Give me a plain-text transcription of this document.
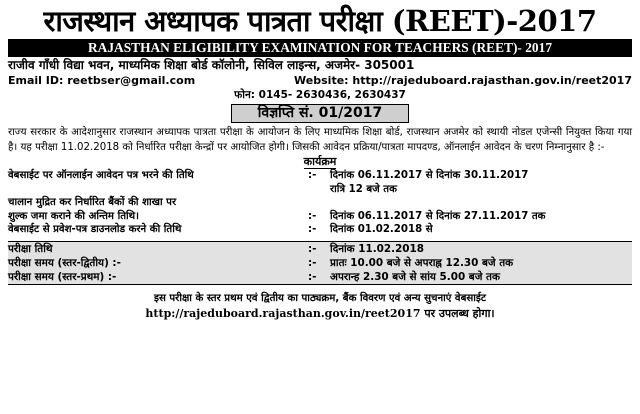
राजस्थान अध्यापक पात्रता परीक्षा (REET)-2017
RAJASTHAN ELIGIBILITY EXAMINATION FOR TEACHERS (REET)- 2017
राजीव गाँधी विद्या भवन, माध्यमिक शिक्षा बोर्ड कॉलोनी, सिविल लाइन्स, अजमेर- 305001
Email ID: reetbser@gmail.com	Website: http://rajeduboard.rajasthan.gov.in/reet2017
फोन: 0145- 2630436, 2630437
विज्ञप्ति सं. 01/2017
राज्य सरकार के आदेशानुसार राजस्थान अध्यापक पात्रता परीक्षा के आयोजन के लिए माध्यमिक शिक्षा बोर्ड, राजस्थान अजमेर को स्थायी नोडल एजेन्सी नियुक्त किया गया है। यह परीक्षा 11.02.2018 को निर्धारित परीक्षा केन्द्रों पर आयोजित होगी। जिसकी आवेदन प्रक्रिया/पात्रता मापदण्ड, ऑनलाईन आवेदन के चरण निम्नानुसार है :-
कार्यक्रम
वेबसाईट पर ऑनलाईन आवेदन पत्र भरने की तिथि	:-	दिनांक 06.11.2017 से दिनांक 30.11.2017
रात्रि 12 बजे तक

चालान मुद्रित कर निर्धारित बैंकों की शाखा पर		
शुल्क जमा कराने की अन्तिम तिथि।	:-	दिनांक 06.11.2017 से दिनांक 27.11.2017 तक
वेबसाईट से प्रवेश-पत्र डाउनलोड करने की तिथि	:-	दिनांक 01.02.2018 से
परीक्षा तिथि	:-	दिनांक 11.02.2018
परीक्षा समय (स्तर-द्वितीय) :-	:-	प्रातः 10.00 बजे से अपराह्न 12.30 बजे तक
परीक्षा समय (स्तर-प्रथम) :-	:-	अपरान्ह 2.30 बजे से सांय 5.00 बजे तक
इस परीक्षा के स्तर प्रथम एवं द्वितीय का पाठ्यक्रम, बैंक विवरण एवं अन्य सुचनाएं वेबसाईट
http://rajeduboard.rajasthan.gov.in/reet2017 पर उपलब्ध होगा।
